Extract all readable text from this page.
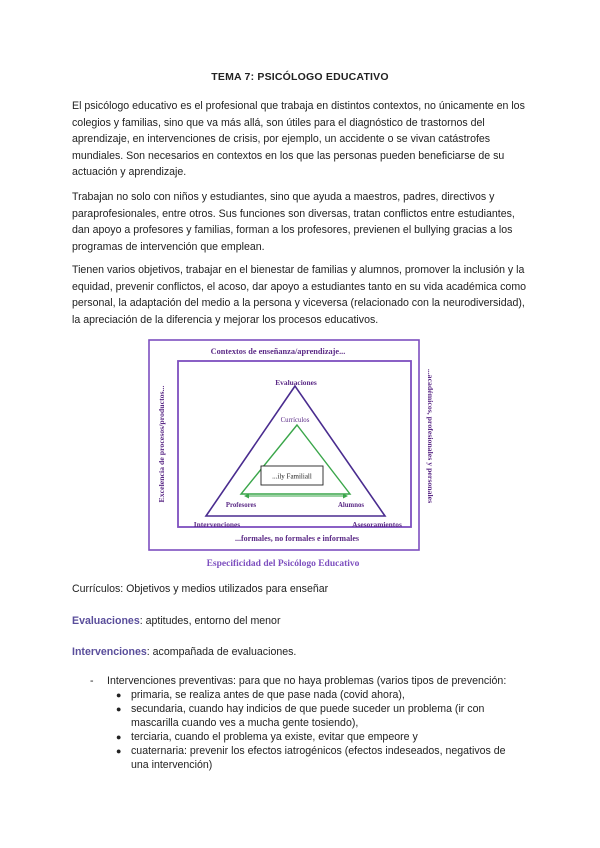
TEMA 7: PSICÓLOGO EDUCATIVO
El psicólogo educativo es el profesional que trabaja en distintos contextos, no únicamente en los colegios y familias, sino que va más allá, son útiles para el diagnóstico de trastornos del aprendizaje, en intervenciones de crisis, por ejemplo, un accidente o se vivan catástrofes mundiales. Son necesarios en contextos en los que las personas pueden beneficiarse de su actuación y aprendizaje.
Trabajan no solo con niños y estudiantes, sino que ayuda a maestros, padres, directivos y paraprofesionales, entre otros. Sus funciones son diversas, tratan conflictos entre estudiantes, dan apoyo a profesores y familias, forman a los profesores, previenen el bullying gracias a los programas de intervención que emplean.
Tienen varios objetivos, trabajar en el bienestar de familias y alumnos, promover la inclusión y la equidad, prevenir conflictos, el acoso, dar apoyo a estudiantes tanto en su vida académica como personal, la adaptación del medio a la persona y viceversa (relacionado con la neurodiversidad), la apreciación de la diferencia y mejorar los procesos educativos.
Contextos de enseñanza/aprendizaje...
...formales, no formales e informales
Excelencia de procesos/productos...	...académicos, profesionales y personales
...ily Familiall
Evaluaciones
Intervenciones	Asesoramientos
Currículos
Profesores	Alumnos
Especificidad del Psicólogo Educativo
Currículos: Objetivos y medios utilizados para enseñar
Evaluaciones: aptitudes, entorno del menor
Intervenciones: acompañada de evaluaciones.
- Intervenciones preventivas: para que no haya problemas (varios tipos de prevención:
● primaria, se realiza antes de que pase nada (covid ahora),
● secundaria, cuando hay indicios de que puede suceder un problema (ir con mascarilla cuando ves a mucha gente tosiendo),
● terciaria, cuando el problema ya existe, evitar que empeore y
● cuaternaria: prevenir los efectos iatrogénicos (efectos indeseados, negativos de una intervención)
